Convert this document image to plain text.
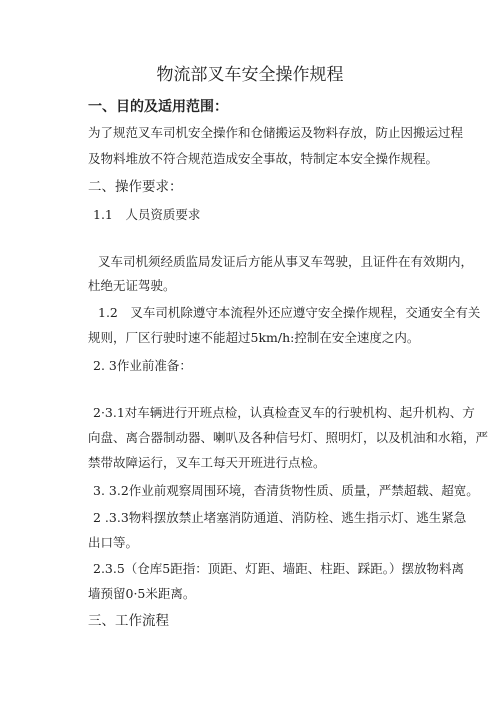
物流部叉车安全操作规程
一、目的及适用范围：
为了规范叉车司机安全操作和仓储搬运及物料存放，防止因搬运过程
及物料堆放不符合规范造成安全事故，特制定本安全操作规程。
二、操作要求：
1.1　人员资质要求
叉车司机须经质监局发证后方能从事叉车驾驶，且证件在有效期内，
杜绝无证驾驶。
1.2　叉车司机除遵守本流程外还应遵守安全操作规程，交通安全有关
规则，厂区行驶时速不能超过5km/h:控制在安全速度之内。
2. 3作业前准备：
2·3.1对车辆进行开班点检，认真检查叉车的行驶机构、起升机构、方
向盘、离合器制动器、喇叭及各种信号灯、照明灯，以及机油和水箱，严
禁带故障运行，叉车工每天开班进行点检。
3. 3.2作业前观察周围环境，杳清货物性质、质量，严禁超载、超宽。
2 .3.3物料摆放禁止堵塞消防通道、消防栓、逃生指示灯、逃生紧急
出口等。
2.3.5（仓库5距指：顶距、灯距、墙距、柱距、踩距。）摆放物料离
墙预留0·5米距离。
三、工作流程
